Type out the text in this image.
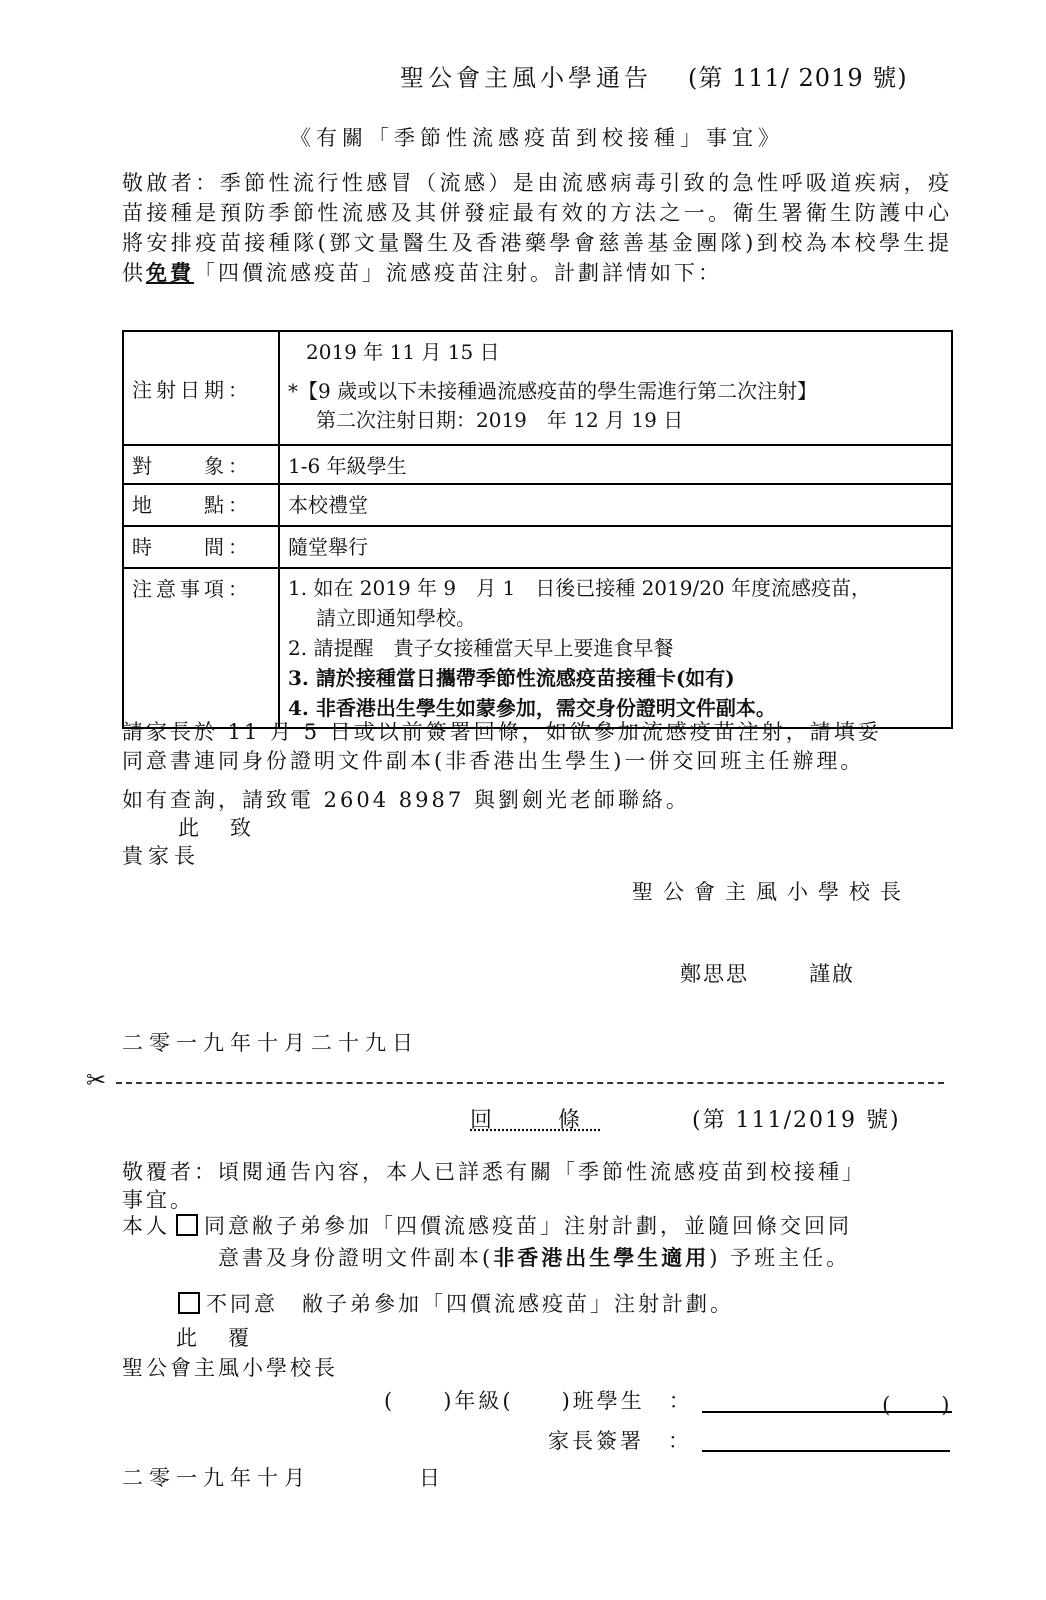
聖公會主風小學通告 (第 111/ 2019 號)
《有關「季節性流感疫苗到校接種」事宜》
敬啟者：季節性流行性感冒（流感）是由流感病毒引致的急性呼吸道疾病，疫苗接種是預防季節性流感及其併發症最有效的方法之一。衛生署衛生防護中心將安排疫苗接種隊(鄧文量醫生及香港藥學會慈善基金團隊)到校為本校學生提供免費「四價流感疫苗」流感疫苗注射。計劃詳情如下：
注射日期：	2019 年 11 月 15 日
*【9 歲或以下未接種過流感疫苗的學生需進行第二次注射】
第二次注射日期：2019　年 12 月 19 日

對　　象：	1-6 年級學生
地　　點：	本校禮堂
時　　間：	隨堂舉行
注意事項：	1. 如在 2019 年 9　月 1　日後已接種 2019/20 年度流感疫苗，
請立即通知學校。
2. 請提醒　貴子女接種當天早上要進食早餐
3. 請於接種當日攜帶季節性流感疫苗接種卡(如有)
4. 非香港出生學生如蒙參加，需交身份證明文件副本。
請家長於 11 月 5 日或以前簽署回條，如欲參加流感疫苗注射，請填妥
同意書連同身份證明文件副本(非香港出生學生)一併交回班主任辦理。
如有查詢，請致電 2604 8987 與劉劍光老師聯絡。
此　致
貴家長
聖公會主風小學校長
鄭思思	謹啟
二零一九年十月二十九日
✂
回　條	(第 111/2019 號)
敬覆者：頃閱通告內容，本人已詳悉有關「季節性流感疫苗到校接種」
事宜。
本人 同意敝子弟參加「四價流感疫苗」注射計劃，並隨回條交回同
意書及身份證明文件副本(非香港出生學生適用) 予班主任。
不同意　敝子弟參加「四價流感疫苗」注射計劃。
此　覆
聖公會主風小學校長
(　　)年級(　　)班學生　：	(　　)
家長簽署　：
二零一九年十月　　　　日
